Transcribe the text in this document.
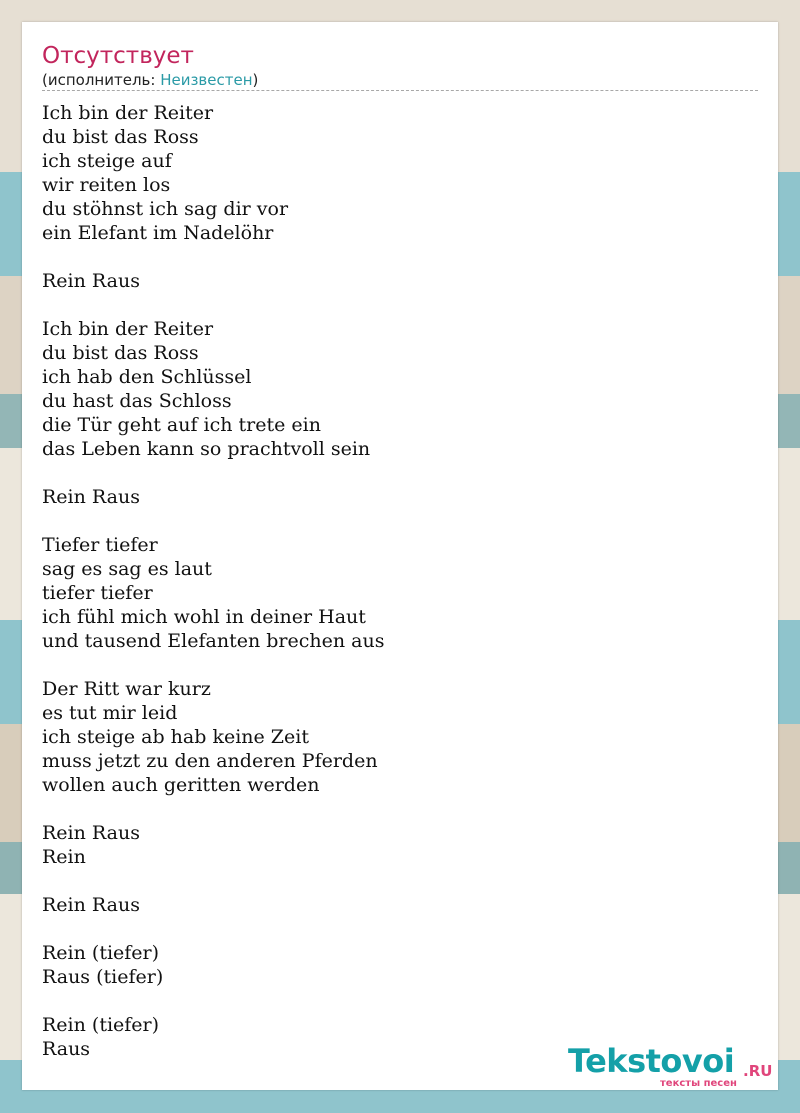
Отсутствует
(исполнитель: Неизвестен)
Ich bin der Reiter
du bist das Ross
ich steige auf
wir reiten los
du stöhnst ich sag dir vor
ein Elefant im Nadelöhr
Rein Raus
Ich bin der Reiter
du bist das Ross
ich hab den Schlüssel
du hast das Schloss
die Tür geht auf ich trete ein
das Leben kann so prachtvoll sein
Rein Raus
Tiefer tiefer
sag es sag es laut
tiefer tiefer
ich fühl mich wohl in deiner Haut
und tausend Elefanten brechen aus
Der Ritt war kurz
es tut mir leid
ich steige ab hab keine Zeit
muss jetzt zu den anderen Pferden
wollen auch geritten werden
Rein Raus
Rein
Rein Raus
Rein (tiefer)
Raus (tiefer)
Rein (tiefer)
Raus	Tekstovoi .RU
тексты песен
